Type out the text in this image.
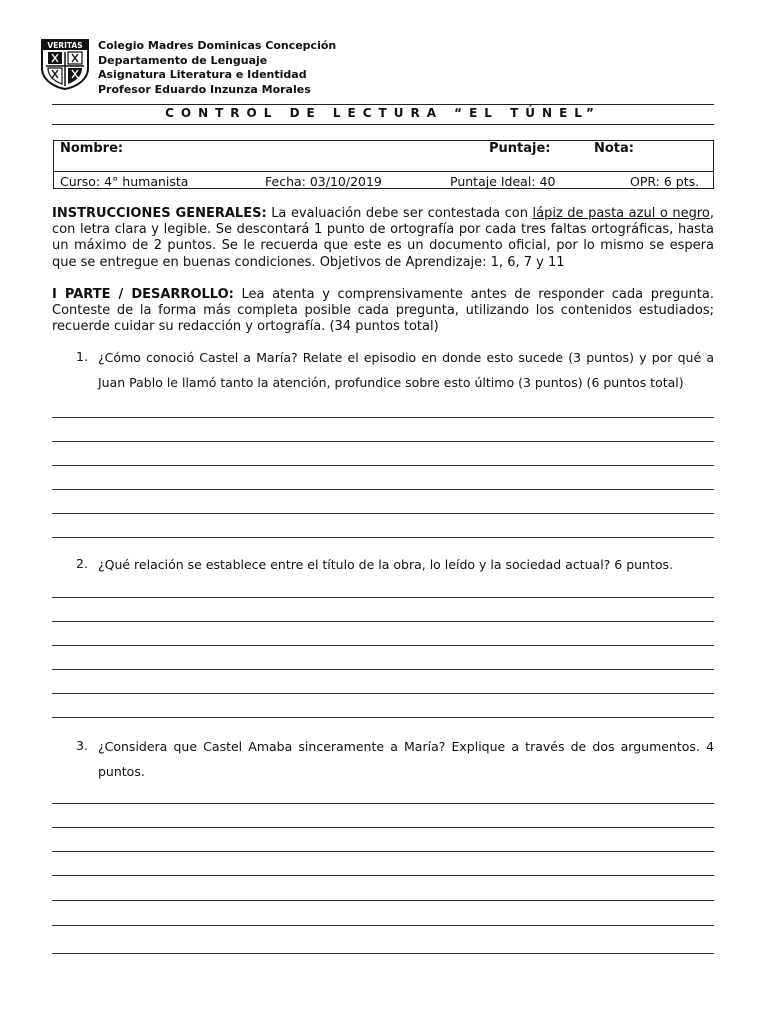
VERITAS Colegio Madres Dominicas Concepción
Departamento de Lenguaje
Asignatura Literatura e Identidad
Profesor Eduardo Inzunza Morales
CONTROL DE LECTURA “EL TÚNEL”
Nombre:	Puntaje:	Nota:
Curso: 4° humanista	Fecha: 03/10/2019	Puntaje Ideal: 40	OPR: 6 pts.
INSTRUCCIONES GENERALES: La evaluación debe ser contestada con lápiz de pasta azul o negro, con letra clara y legible. Se descontará 1 punto de ortografía por cada tres faltas ortográficas, hasta un máximo de 2 puntos. Se le recuerda que este es un documento oficial, por lo mismo se espera que se entregue en buenas condiciones. Objetivos de Aprendizaje: 1, 6, 7 y 11
I PARTE / DESARROLLO: Lea atenta y comprensivamente antes de responder cada pregunta. Conteste de la forma más completa posible cada pregunta, utilizando los contenidos estudiados; recuerde cuidar su redacción y ortografía. (34 puntos total)
1. ¿Cómo conoció Castel a María? Relate el episodio en donde esto sucede (3 puntos) y por qué a Juan Pablo le llamó tanto la atención, profundice sobre esto último (3 puntos) (6 puntos total)
2. ¿Qué relación se establece entre el título de la obra, lo leído y la sociedad actual? 6 puntos.
3. ¿Considera que Castel Amaba sinceramente a María? Explique a través de dos argumentos. 4 puntos.
